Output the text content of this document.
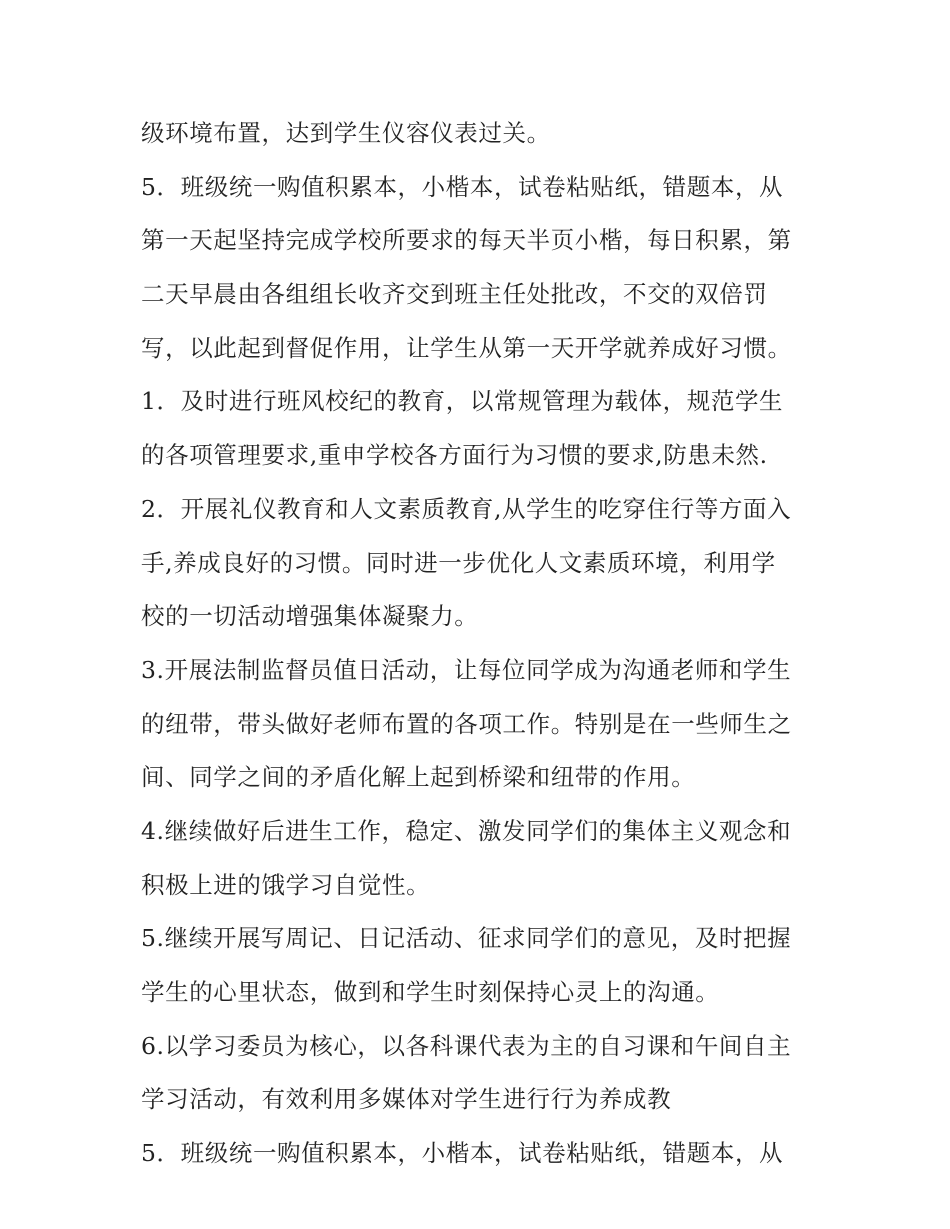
级环境布置，达到学生仪容仪表过关。
5．班级统一购值积累本，小楷本，试卷粘贴纸，错题本，从
第一天起坚持完成学校所要求的每天半页小楷，每日积累，第
二天早晨由各组组长收齐交到班主任处批改，不交的双倍罚
写，以此起到督促作用，让学生从第一天开学就养成好习惯。
1．及时进行班风校纪的教育，以常规管理为载体，规范学生
的各项管理要求,重申学校各方面行为习惯的要求,防患未然.
2．开展礼仪教育和人文素质教育,从学生的吃穿住行等方面入
手,养成良好的习惯。同时进一步优化人文素质环境，利用学
校的一切活动增强集体凝聚力。
3.开展法制监督员值日活动，让每位同学成为沟通老师和学生
的纽带，带头做好老师布置的各项工作。特别是在一些师生之
间、同学之间的矛盾化解上起到桥梁和纽带的作用。
4.继续做好后进生工作，稳定、激发同学们的集体主义观念和
积极上进的饿学习自觉性。
5.继续开展写周记、日记活动、征求同学们的意见，及时把握
学生的心里状态，做到和学生时刻保持心灵上的沟通。
6.以学习委员为核心，以各科课代表为主的自习课和午间自主
学习活动，有效利用多媒体对学生进行行为养成教
5．班级统一购值积累本，小楷本，试卷粘贴纸，错题本，从
